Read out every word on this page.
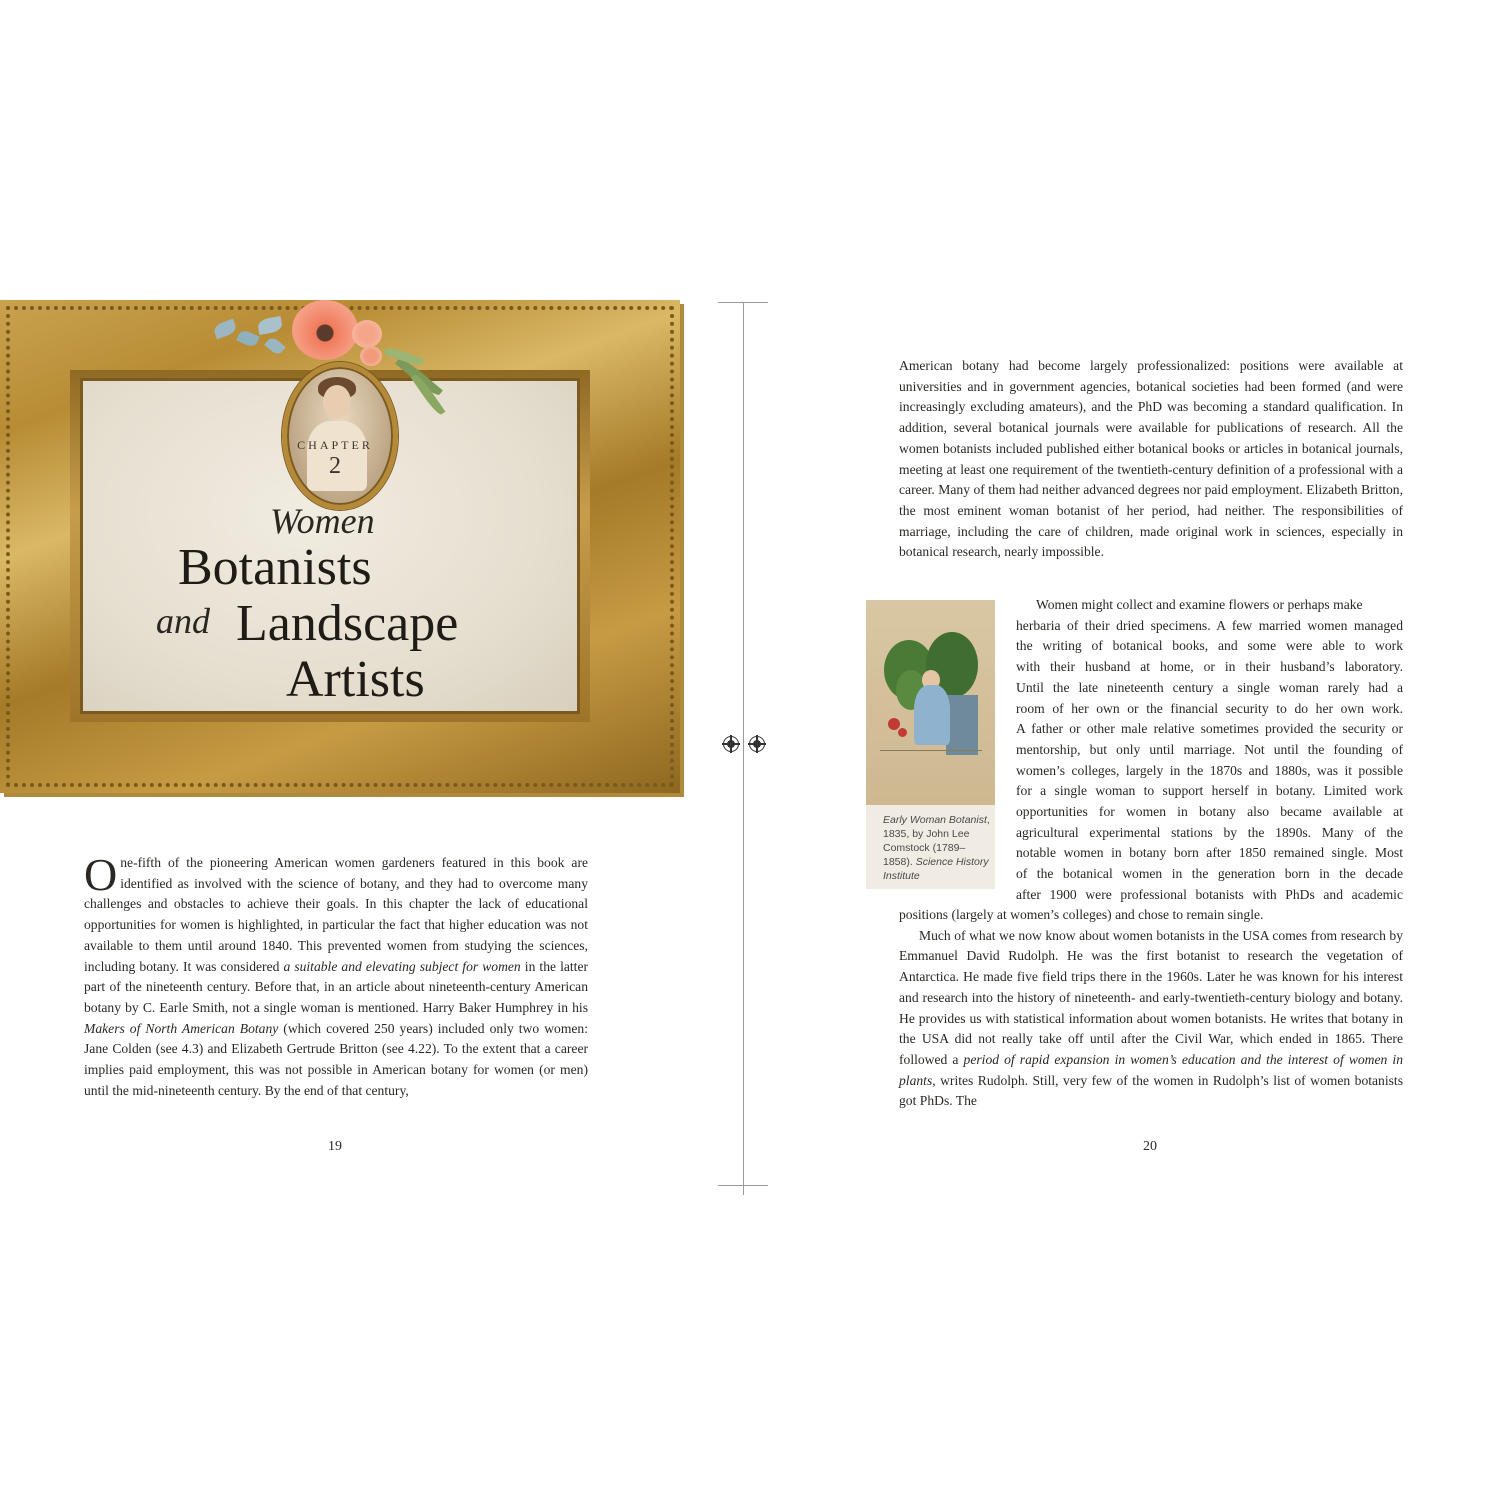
CHAPTER
2
Women
Botanists
and Landscape
Artists

One-fifth of the pioneering American women gardeners featured in this book are identified as involved with the science of botany, and they had to overcome many challenges and obstacles to achieve their goals. In this chapter the lack of educational opportunities for women is highlighted, in particular the fact that higher education was not available to them until around 1840. This prevented women from studying the sciences, including botany. It was considered a suitable and elevating subject for women in the latter part of the nineteenth century. Before that, in an article about nineteenth-century American botany by C. Earle Smith, not a single woman is mentioned. Harry Baker Humphrey in his Makers of North American Botany (which covered 250 years) included only two women: Jane Colden (see 4.3) and Elizabeth Gertrude Britton (see 4.22). To the extent that a career implies paid employment, this was not possible in American botany for women (or men) until the mid-nineteenth century. By the end of that century,

19

American botany had become largely professionalized: positions were available at universities and in government agencies, botanical societies had been formed (and were increasingly excluding amateurs), and the PhD was becoming a standard qualification. In addition, several botanical journals were available for publications of research. All the women botanists included published either botanical books or articles in botanical journals, meeting at least one requirement of the twentieth-century definition of a professional with a career. Many of them had neither advanced degrees nor paid employment. Elizabeth Britton, the most eminent woman botanist of her period, had neither. The responsibilities of marriage, including the care of children, made original work in sciences, especially in botanical research, nearly impossible.

Early Woman Botanist, 1835, by John Lee Comstock (1789–1858). Science History Institute
Women might collect and examine flowers or perhaps make
herbaria of their dried specimens. A few married women managed
the writing of botanical books, and some were able to work
with their husband at home, or in their husband’s laboratory.
Until the late nineteenth century a single woman rarely had a
room of her own or the financial security to do her own work.
A father or other male relative sometimes provided the security or
mentorship, but only until marriage. Not until the founding of
women’s colleges, largely in the 1870s and 1880s, was it possible
for a single woman to support herself in botany. Limited work
opportunities for women in botany also became available at
agricultural experimental stations by the 1890s. Many of the
notable women in botany born after 1850 remained single. Most
of the botanical women in the generation born in the decade
after 1900 were professional botanists with PhDs and academic

positions (largely at women’s colleges) and chose to remain single.

Much of what we now know about women botanists in the USA comes from research by Emmanuel David Rudolph. He was the first botanist to research the vegetation of Antarctica. He made five field trips there in the 1960s. Later he was known for his interest and research into the history of nineteenth- and early-twentieth-century biology and botany. He provides us with statistical information about women botanists. He writes that botany in the USA did not really take off until after the Civil War, which ended in 1865. There followed a period of rapid expansion in women’s education and the interest of women in plants, writes Rudolph. Still, very few of the women in Rudolph’s list of women botanists got PhDs. The

20
